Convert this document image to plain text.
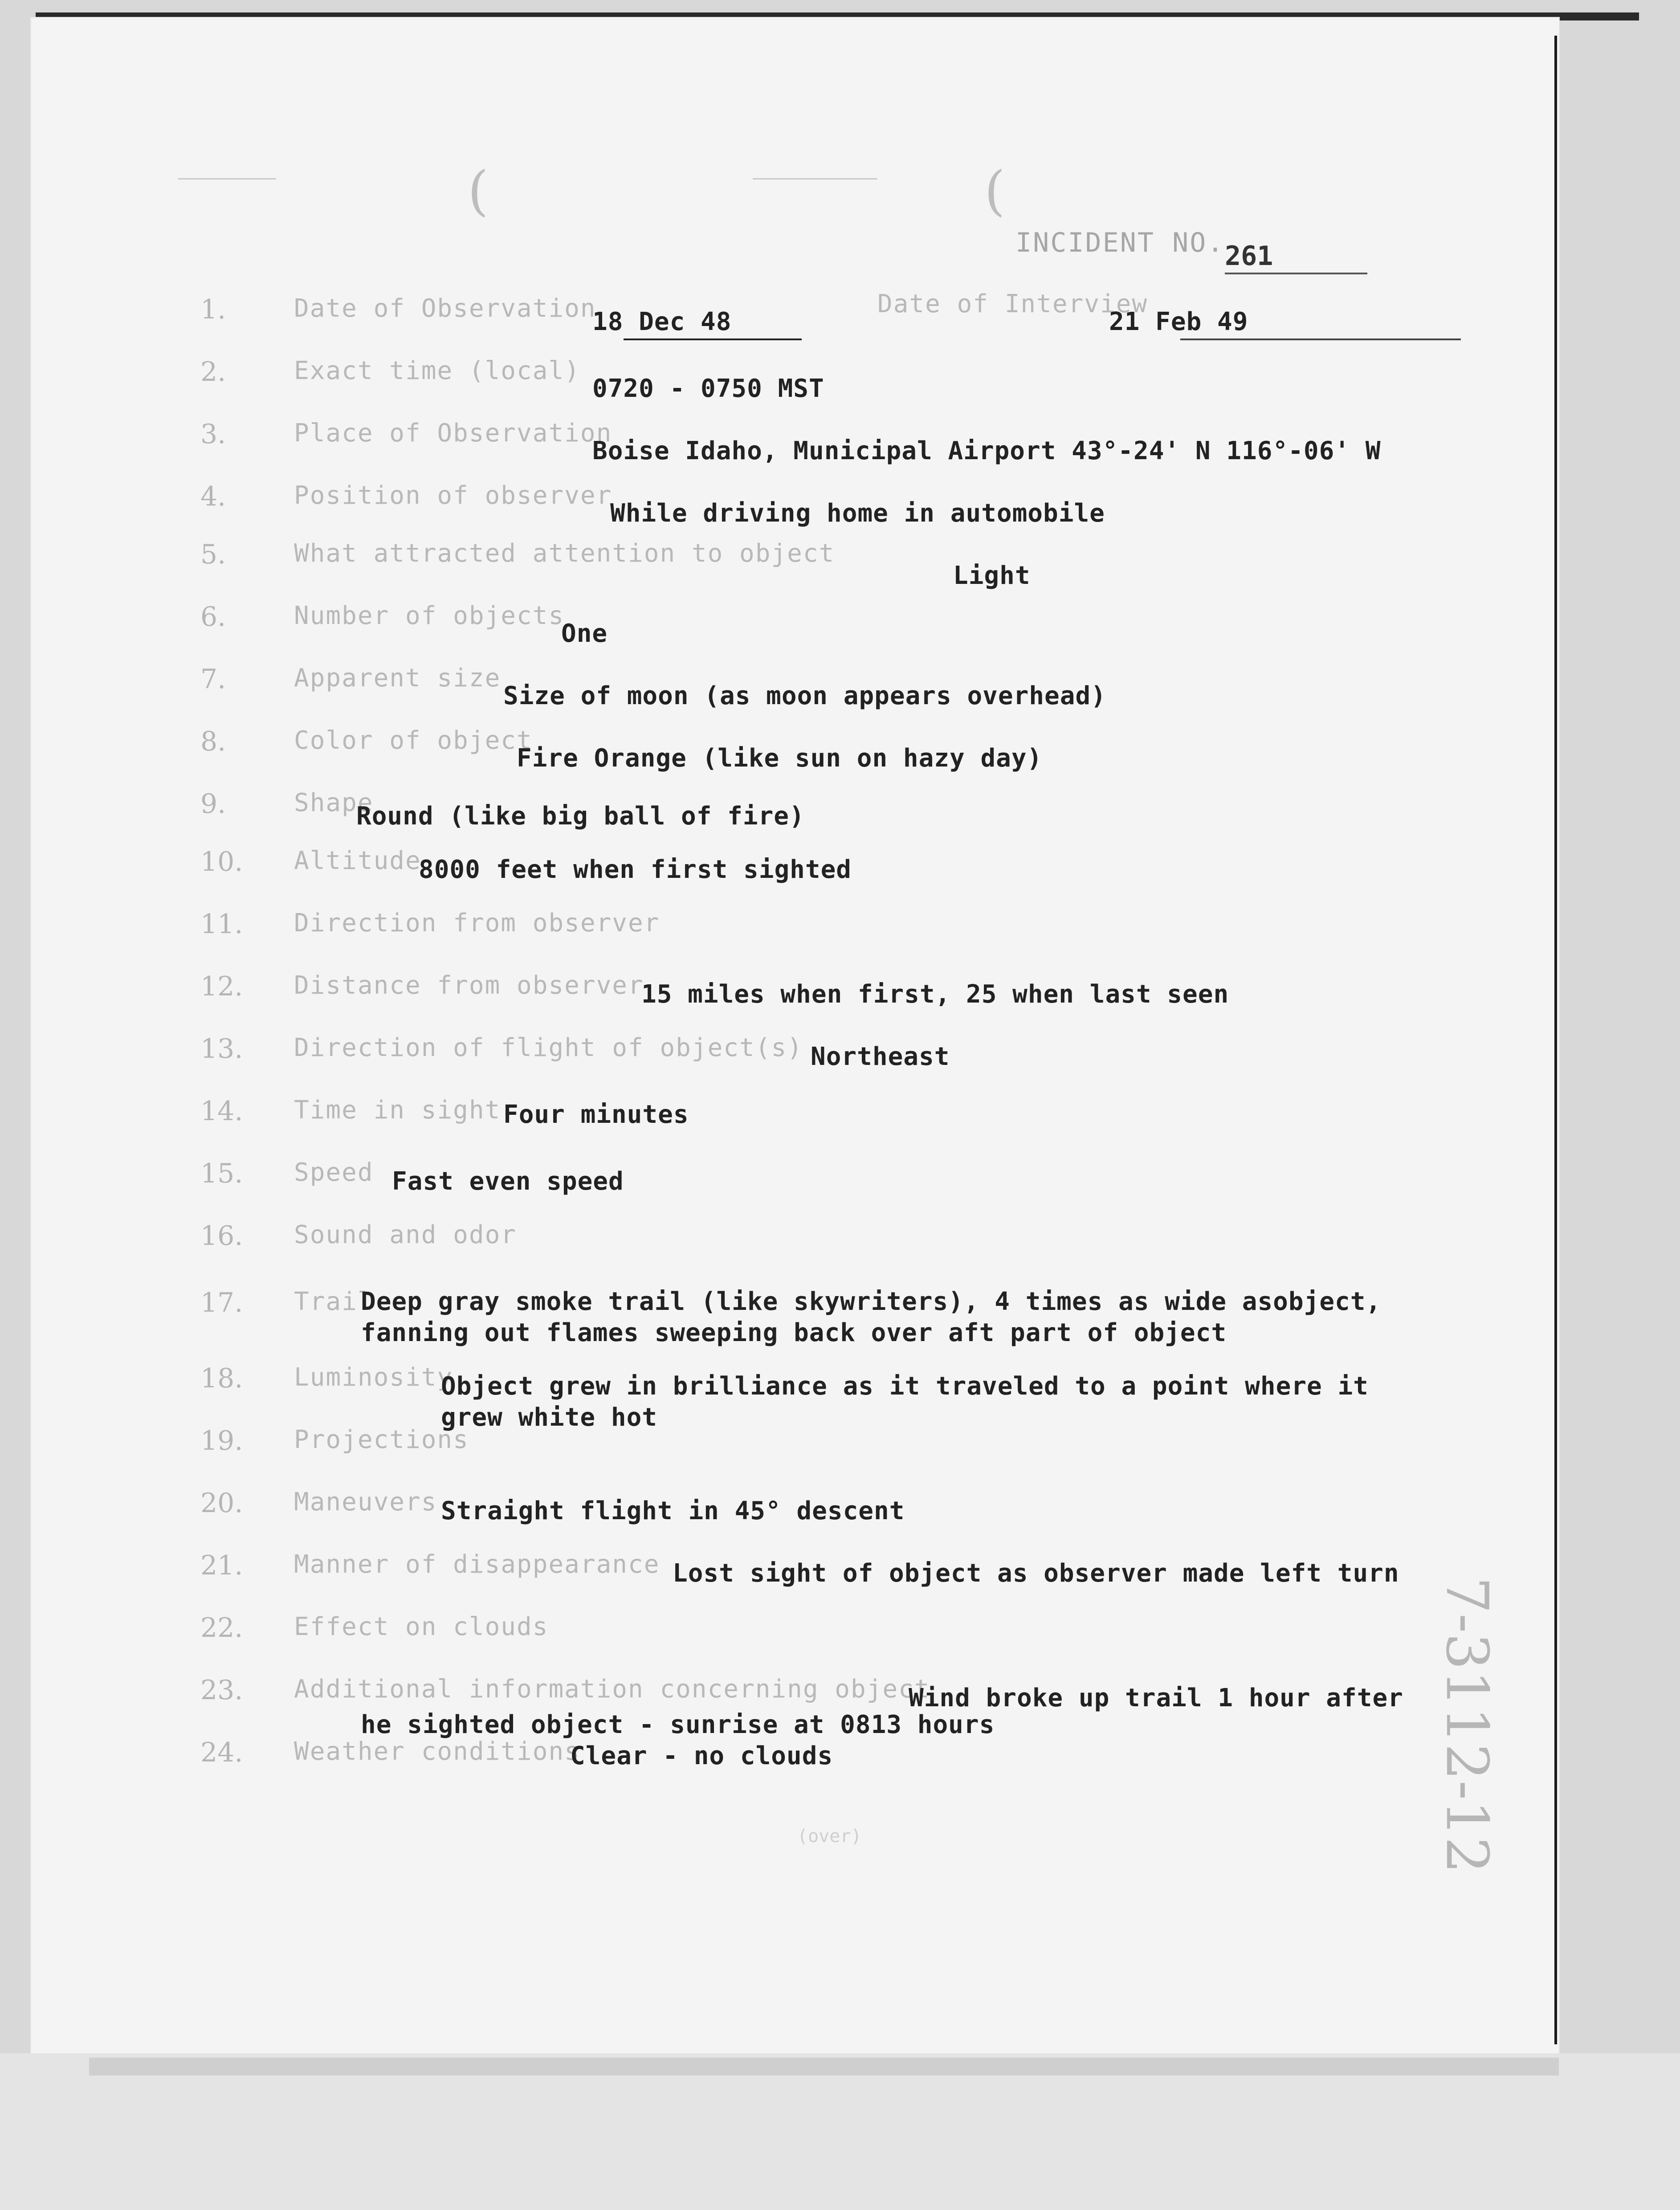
(	(
INCIDENT NO. 261
1.	Date of Observation
18 Dec 48
Date of Interview
21 Feb 49
2.	Exact time (local)
0720 - 0750 MST
3.	Place of Observation
Boise Idaho, Municipal Airport 43°-24' N 116°-06' W
4.	Position of observer
While driving home in automobile
5.	What attracted attention to object
Light
6.	Number of objects
One
7.	Apparent size
Size of moon (as moon appears overhead)
8.	Color of object
Fire Orange (like sun on hazy day)
9.	Shape
Round (like big ball of fire)
10. Altitude
8000 feet when first sighted
11. Direction from observer
12. Distance from observer
15 miles when first, 25 when last seen
13. Direction of flight of object(s) Northeast
14. Time in sight Four minutes
15. Speed Fast even speed
16. Sound and odor
17. Trail
Deep gray smoke trail (like skywriters), 4 times as wide asobject,
fanning out flames sweeping back over aft part of object
18. Luminosity
Object grew in brilliance as it traveled to a point where it
grew white hot
19. Projections
20. Maneuvers Straight flight in 45° descent
21. Manner of disappearance Lost sight of object as observer made left turn
22. Effect on clouds
23. Additional information concerning object
Wind broke up trail 1 hour after
he sighted object - sunrise at 0813 hours
24. Weather conditions
Clear - no clouds
(over)	7-3112-12
